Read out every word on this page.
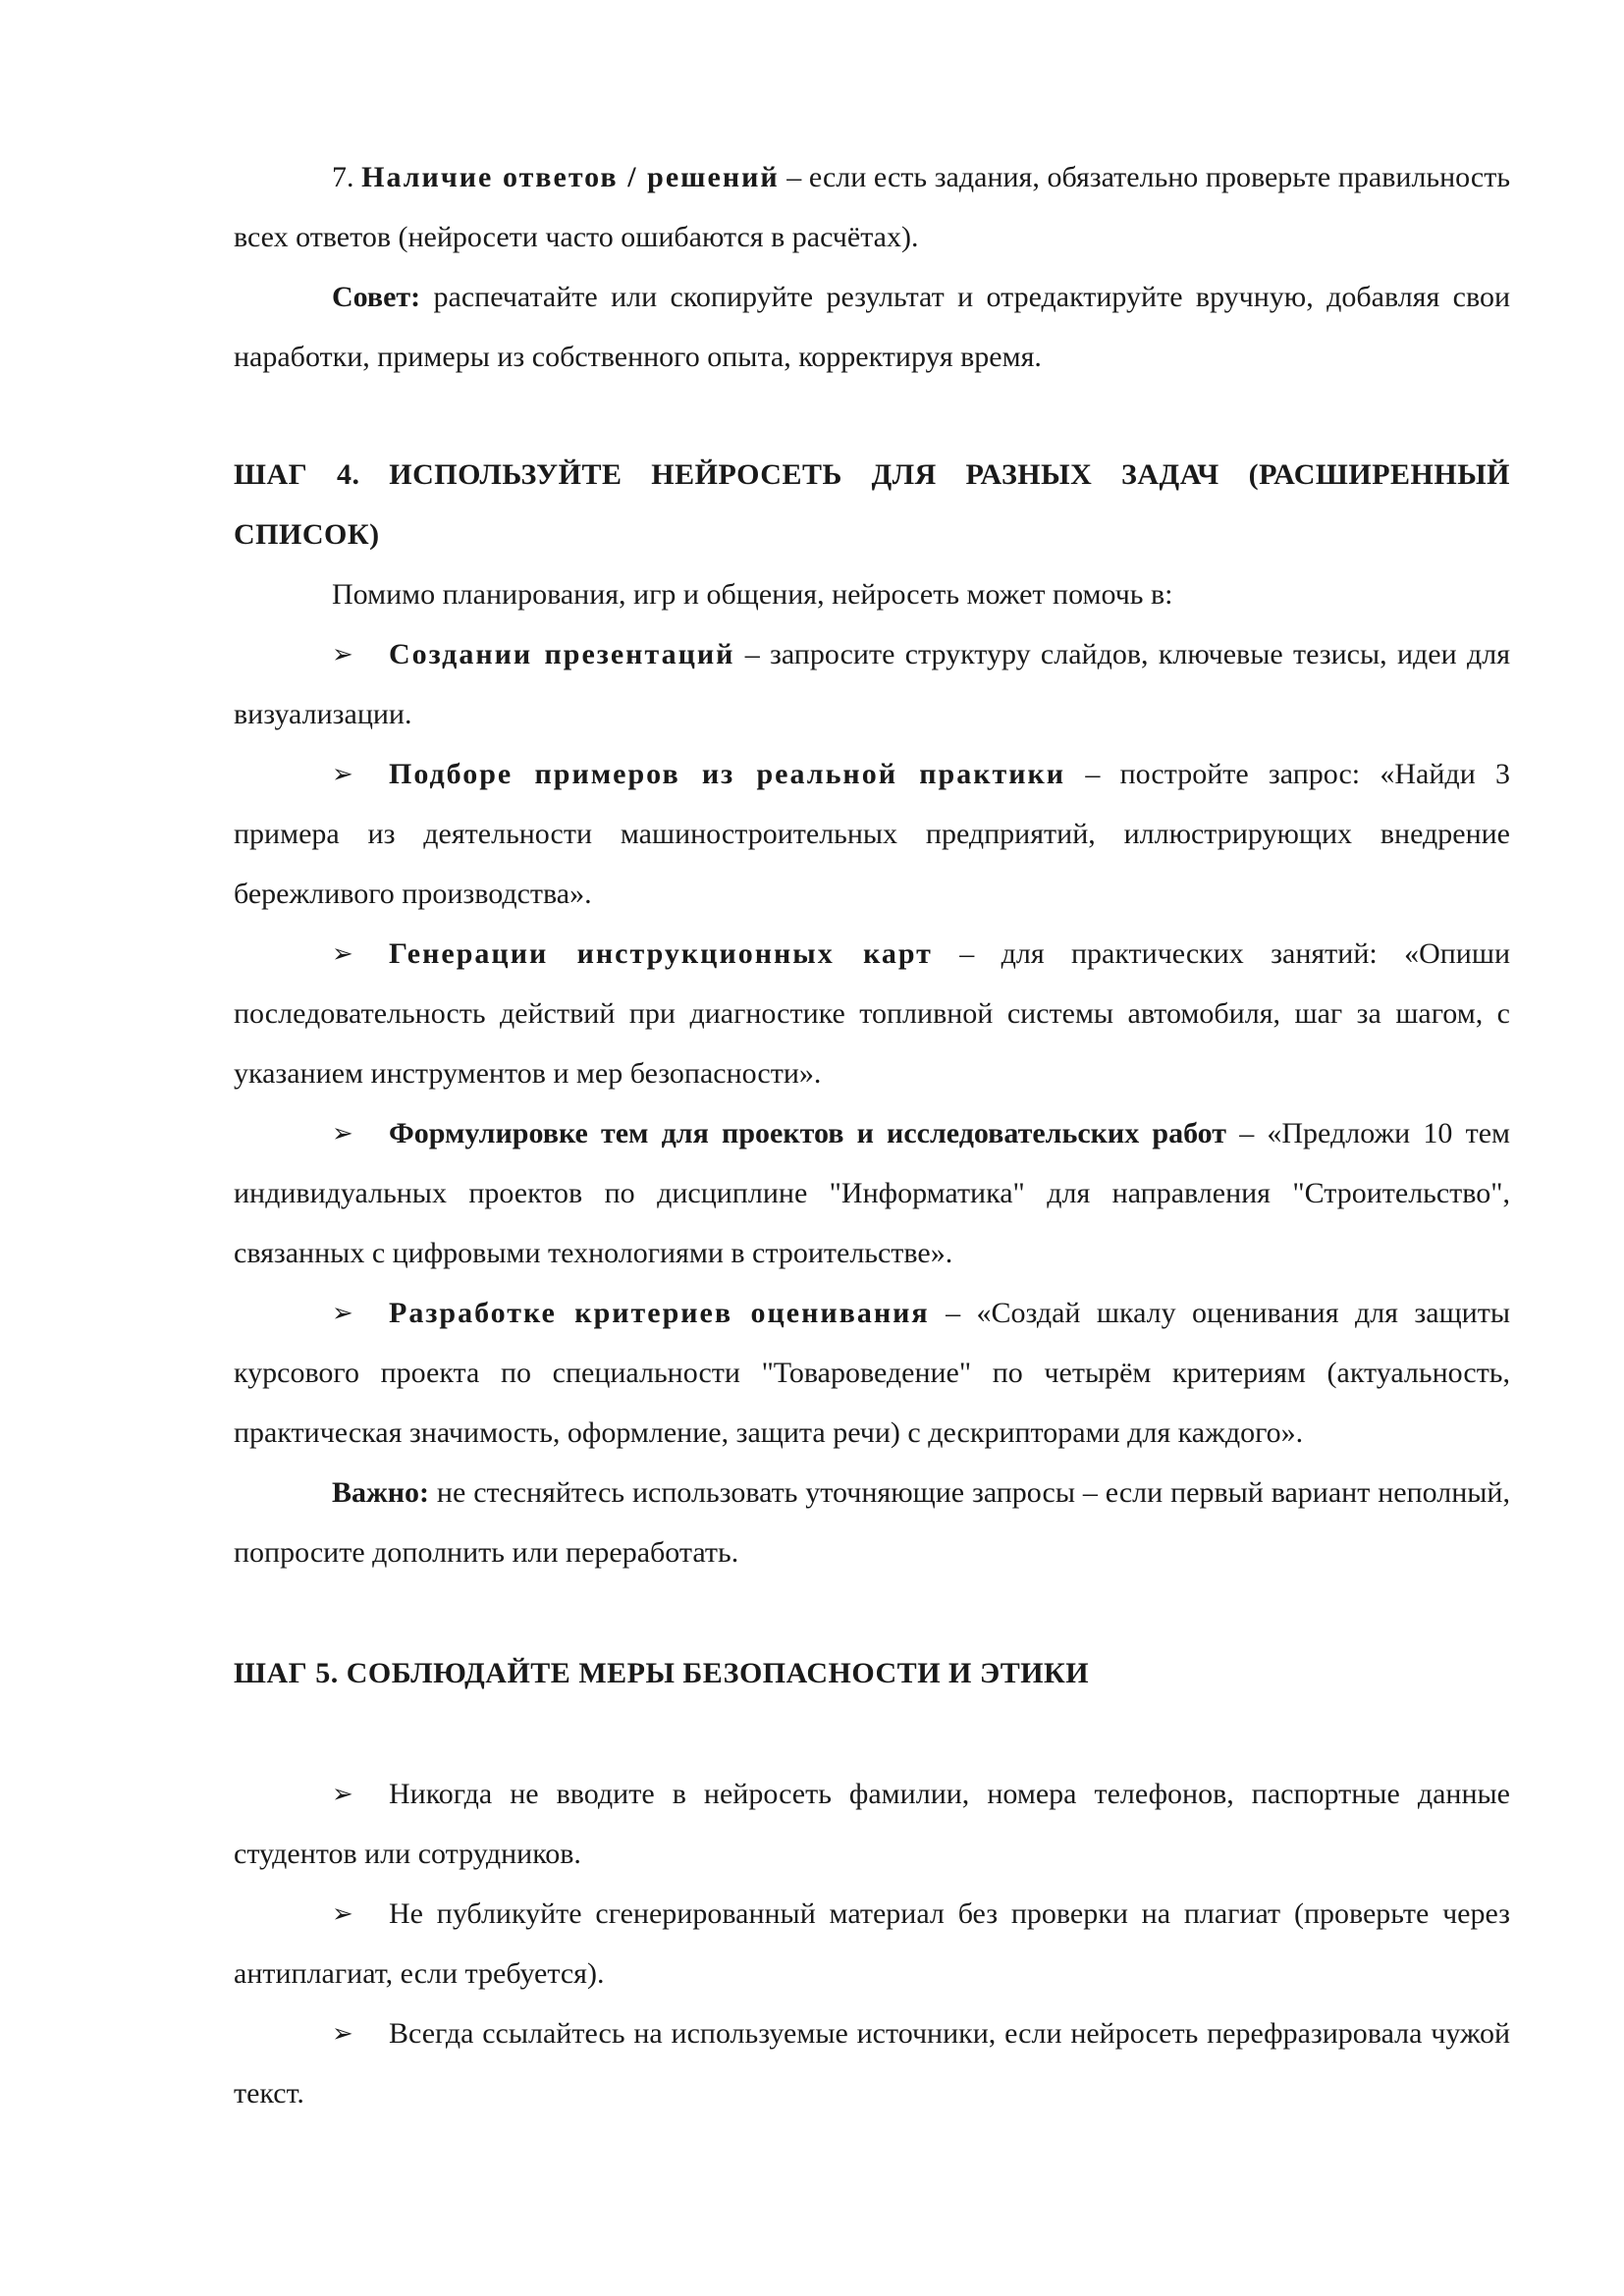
7. Наличие ответов / решений – если есть задания, обязательно проверьте правильность всех ответов (нейросети часто ошибаются в расчётах).

Совет: распечатайте или скопируйте результат и отредактируйте вручную, добавляя свои наработки, примеры из собственного опыта, корректируя время.

ШАГ 4. ИСПОЛЬЗУЙТЕ НЕЙРОСЕТЬ ДЛЯ РАЗНЫХ ЗАДАЧ (РАСШИРЕННЫЙ СПИСОК)

Помимо планирования, игр и общения, нейросеть может помочь в:

➢ Создании презентаций – запросите структуру слайдов, ключевые тезисы, идеи для визуализации.

➢ Подборе примеров из реальной практики – постройте запрос: «Найди 3 примера из деятельности машиностроительных предприятий, иллюстрирующих внедрение бережливого производства».

➢ Генерации инструкционных карт – для практических занятий: «Опиши последовательность действий при диагностике топливной системы автомобиля, шаг за шагом, с указанием инструментов и мер безопасности».

➢ Формулировке тем для проектов и исследовательских работ – «Предложи 10 тем индивидуальных проектов по дисциплине "Информатика" для направления "Строительство", связанных с цифровыми технологиями в строительстве».

➢ Разработке критериев оценивания – «Создай шкалу оценивания для защиты курсового проекта по специальности "Товароведение" по четырём критериям (актуальность, практическая значимость, оформление, защита речи) с дескрипторами для каждого».

Важно: не стесняйтесь использовать уточняющие запросы – если первый вариант неполный, попросите дополнить или переработать.

ШАГ 5. СОБЛЮДАЙТЕ МЕРЫ БЕЗОПАСНОСТИ И ЭТИКИ

➢ Никогда не вводите в нейросеть фамилии, номера телефонов, паспортные данные студентов или сотрудников.

➢ Не публикуйте сгенерированный материал без проверки на плагиат (проверьте через антиплагиат, если требуется).

➢ Всегда ссылайтесь на используемые источники, если нейросеть перефразировала чужой текст.
